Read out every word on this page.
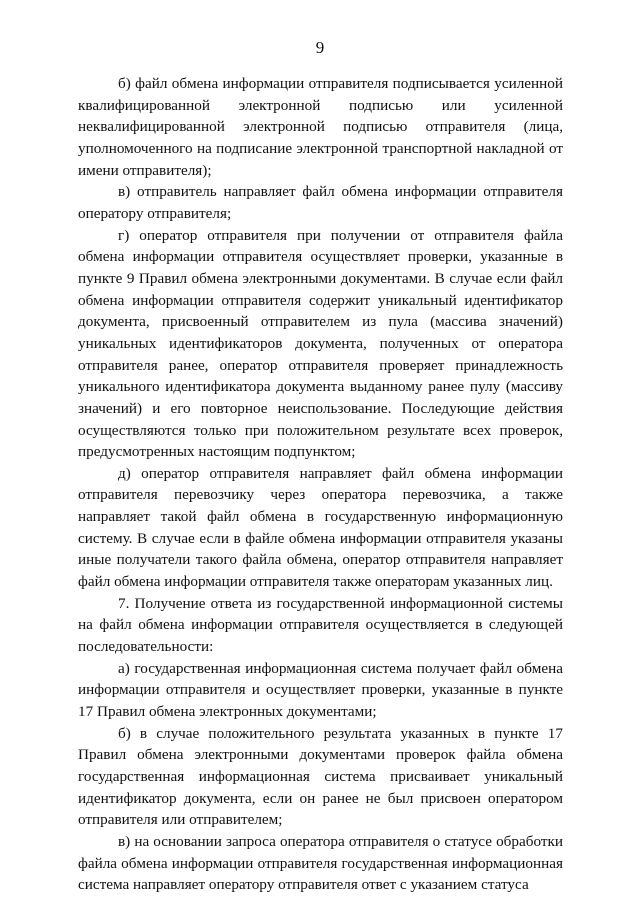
9

б) файл обмена информации отправителя подписывается усиленной квалифицированной электронной подписью или усиленной неквалифицированной электронной подписью отправителя (лица, уполномоченного на подписание электронной транспортной накладной от имени отправителя);

в) отправитель направляет файл обмена информации отправителя оператору отправителя;

г) оператор отправителя при получении от отправителя файла обмена информации отправителя осуществляет проверки, указанные в пункте 9 Правил обмена электронными документами. В случае если файл обмена информации отправителя содержит уникальный идентификатор документа, присвоенный отправителем из пула (массива значений) уникальных идентификаторов документа, полученных от оператора отправителя ранее, оператор отправителя проверяет принадлежность уникального идентификатора документа выданному ранее пулу (массиву значений) и его повторное неиспользование. Последующие действия осуществляются только при положительном результате всех проверок, предусмотренных настоящим подпунктом;

д) оператор отправителя направляет файл обмена информации отправителя перевозчику через оператора перевозчика, а также направляет такой файл обмена в государственную информационную систему. В случае если в файле обмена информации отправителя указаны иные получатели такого файла обмена, оператор отправителя направляет файл обмена информации отправителя также операторам указанных лиц.

7. Получение ответа из государственной информационной системы на файл обмена информации отправителя осуществляется в следующей последовательности:

а) государственная информационная система получает файл обмена информации отправителя и осуществляет проверки, указанные в пункте 17 Правил обмена электронных документами;

б) в случае положительного результата указанных в пункте 17 Правил обмена электронными документами проверок файла обмена государственная информационная система присваивает уникальный идентификатор документа, если он ранее не был присвоен оператором отправителя или отправителем;

в) на основании запроса оператора отправителя о статусе обработки файла обмена информации отправителя государственная информационная система направляет оператору отправителя ответ с указанием статуса
